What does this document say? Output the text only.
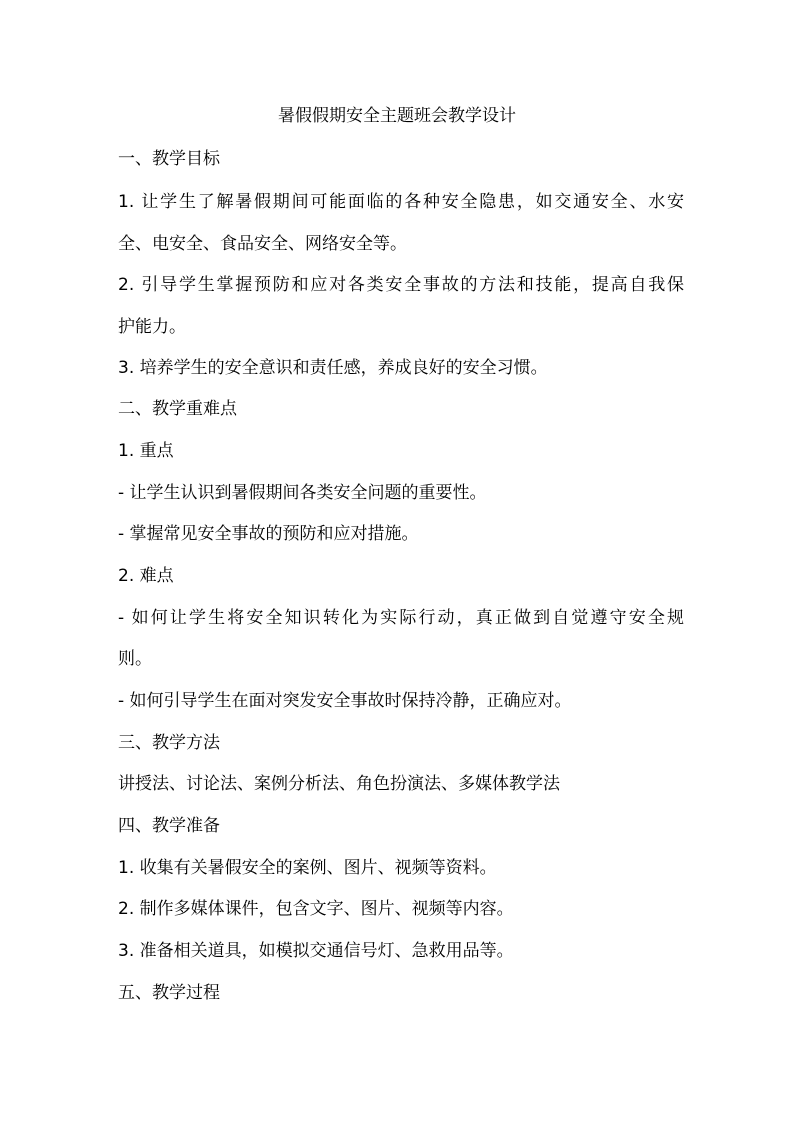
暑假假期安全主题班会教学设计
一、教学目标
1. 让学生了解暑假期间可能面临的各种安全隐患，如交通安全、水安
全、电安全、食品安全、网络安全等。
2. 引导学生掌握预防和应对各类安全事故的方法和技能，提高自我保
护能力。
3. 培养学生的安全意识和责任感，养成良好的安全习惯。
二、教学重难点
1. 重点
- 让学生认识到暑假期间各类安全问题的重要性。
- 掌握常见安全事故的预防和应对措施。
2. 难点
- 如何让学生将安全知识转化为实际行动，真正做到自觉遵守安全规
则。
- 如何引导学生在面对突发安全事故时保持冷静，正确应对。
三、教学方法
讲授法、讨论法、案例分析法、角色扮演法、多媒体教学法
四、教学准备
1. 收集有关暑假安全的案例、图片、视频等资料。
2. 制作多媒体课件，包含文字、图片、视频等内容。
3. 准备相关道具，如模拟交通信号灯、急救用品等。
五、教学过程
